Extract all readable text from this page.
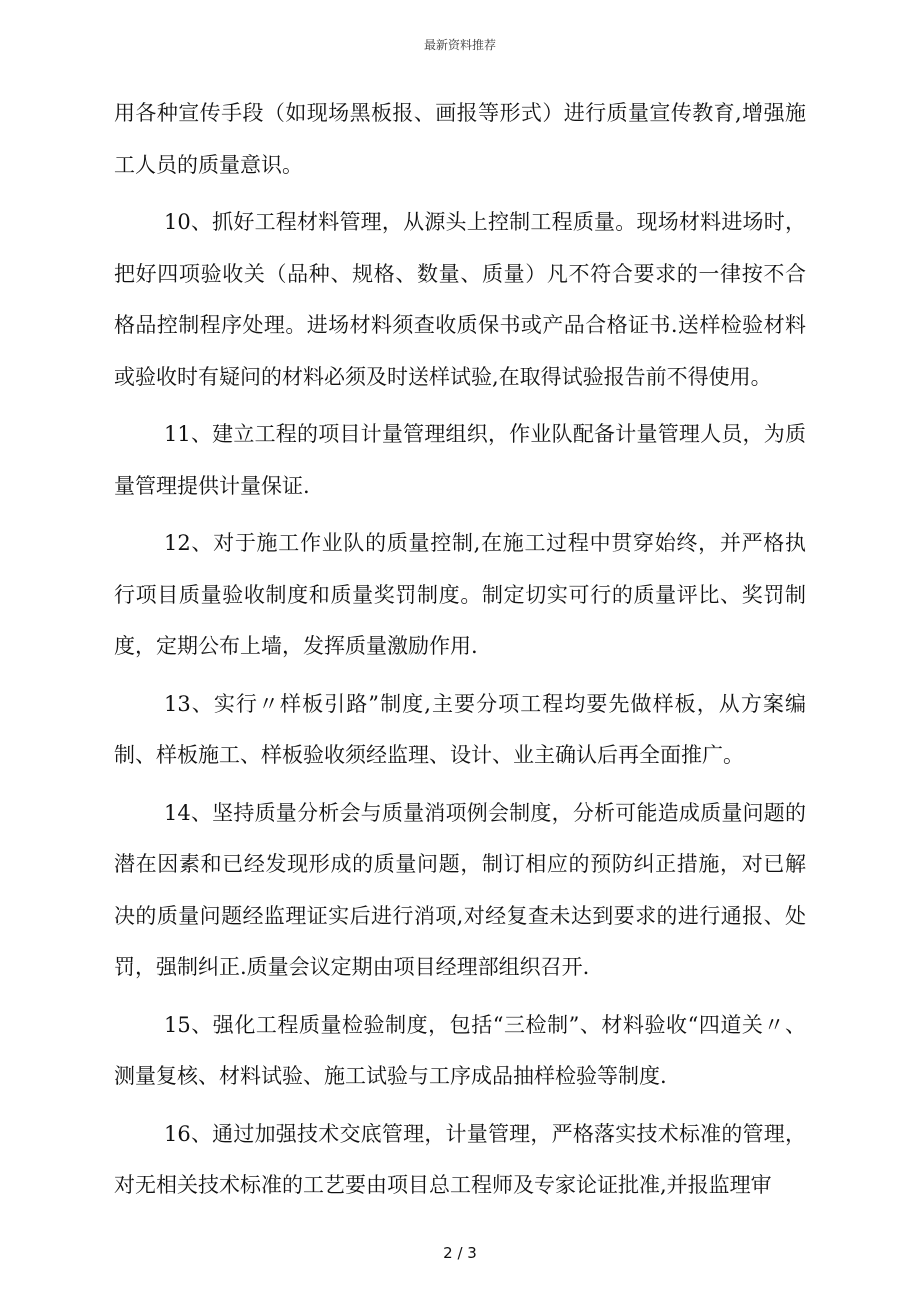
最新资料推荐

用各种宣传手段（如现场黑板报、画报等形式）进行质量宣传教育,增强施工人员的质量意识。

10、抓好工程材料管理，从源头上控制工程质量。现场材料进场时，把好四项验收关（品种、规格、数量、质量）凡不符合要求的一律按不合格品控制程序处理。进场材料须查收质保书或产品合格证书.送样检验材料或验收时有疑问的材料必须及时送样试验,在取得试验报告前不得使用。

11、建立工程的项目计量管理组织，作业队配备计量管理人员，为质量管理提供计量保证.

12、对于施工作业队的质量控制,在施工过程中贯穿始终，并严格执行项目质量验收制度和质量奖罚制度。制定切实可行的质量评比、奖罚制度，定期公布上墙，发挥质量激励作用.

13、实行〃样板引路”制度,主要分项工程均要先做样板，从方案编制、样板施工、样板验收须经监理、设计、业主确认后再全面推广。

14、坚持质量分析会与质量消项例会制度，分析可能造成质量问题的潜在因素和已经发现形成的质量问题，制订相应的预防纠正措施，对已解决的质量问题经监理证实后进行消项,对经复查未达到要求的进行通报、处罚，强制纠正.质量会议定期由项目经理部组织召开.

15、强化工程质量检验制度，包括“三检制”、材料验收“四道关〃、测量复核、材料试验、施工试验与工序成品抽样检验等制度.

16、通过加强技术交底管理，计量管理，严格落实技术标准的管理，对无相关技术标准的工艺要由项目总工程师及专家论证批准,并报监理审

2 / 3
